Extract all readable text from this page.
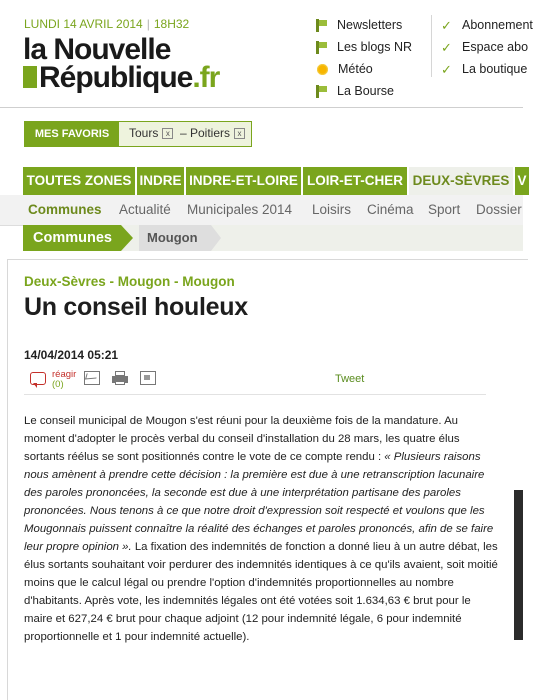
LUNDI 14 AVRIL 2014 | 18H32
la Nouvelle
République.fr
Newsletters
Les blogs NR
Météo
La Bourse
✓ Abonnement
✓ Espace abo
✓ La boutique
MES FAVORIS	Tours x – Poitiers x
TOUTES ZONES INDRE INDRE-ET-LOIRE LOIR-ET-CHER DEUX-SÈVRES V
Communes Actualité Municipales 2014 Loisirs Cinéma Sport Dossier
Communes	Mougon
Deux-Sèvres - Mougon - Mougon
Un conseil houleux
14/04/2014 05:21
réagir
(0)	Tweet
Le conseil municipal de Mougon s'est réuni pour la deuxième fois de la mandature. Au moment d'adopter le procès verbal du conseil d'installation du 28 mars, les quatre élus sortants réélus se sont positionnés contre le vote de ce compte rendu : « Plusieurs raisons nous amènent à prendre cette décision : la première est due à une retranscription lacunaire des paroles prononcées, la seconde est due à une interprétation partisane des paroles prononcées. Nous tenons à ce que notre droit d'expression soit respecté et voulons que les Mougonnais puissent connaître la réalité des échanges et paroles prononcés, afin de se faire leur propre opinion ». La fixation des indemnités de fonction a donné lieu à un autre débat, les élus sortants souhaitant voir perdurer des indemnités identiques à ce qu'ils avaient, soit moitié moins que le calcul légal ou prendre l'option d'indemnités proportionnelles au nombre d'habitants. Après vote, les indemnités légales ont été votées soit 1.634,63 € brut pour le maire et 627,24 € brut pour chaque adjoint (12 pour indemnité légale, 6 pour indemnité proportionnelle et 1 pour indemnité actuelle).
